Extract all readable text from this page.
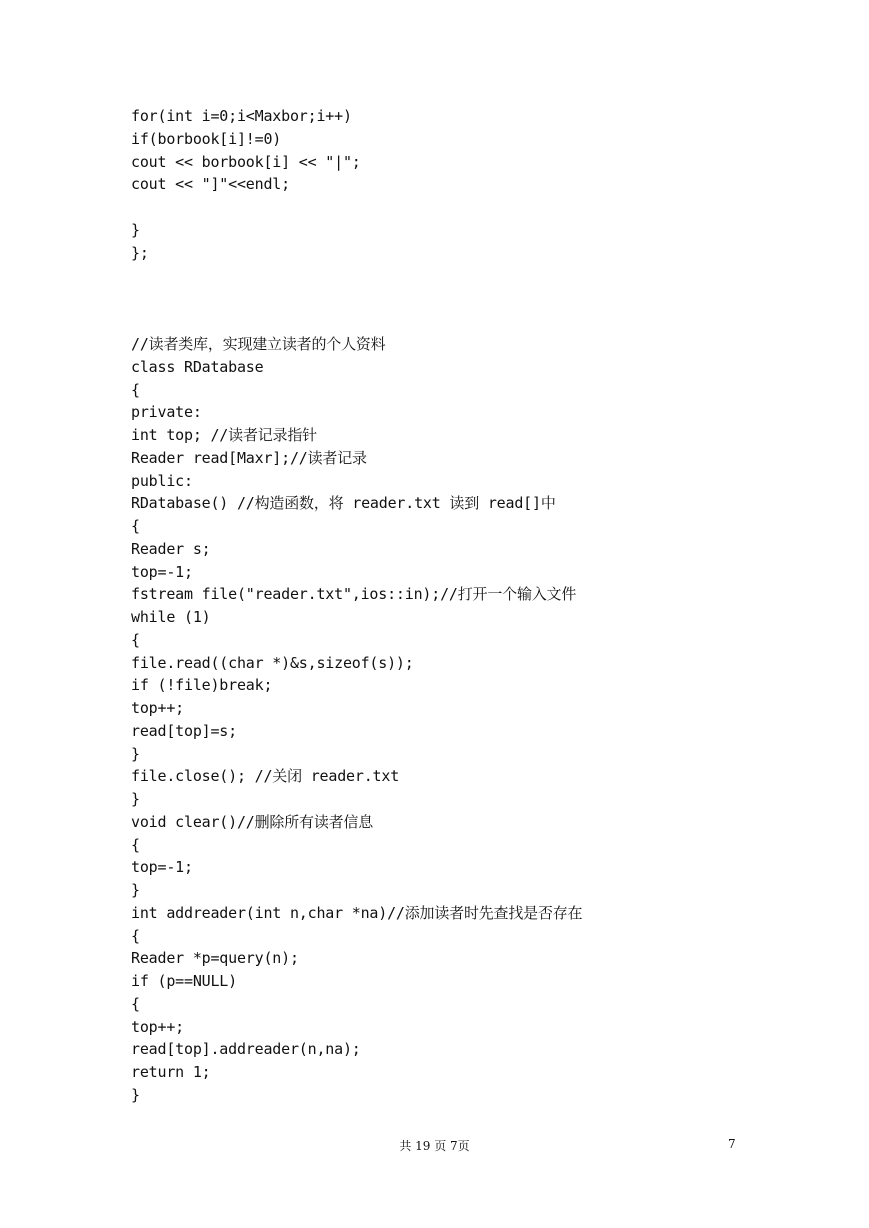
for(int i=0;i<Maxbor;i++)
if(borbook[i]!=0)
cout << borbook[i] << "|";
cout << "]"<<endl;
}
};
//读者类库，实现建立读者的个人资料
class RDatabase
{
private:
int top; //读者记录指针
Reader read[Maxr];//读者记录
public:
RDatabase() //构造函数，将 reader.txt 读到 read[]中
{
Reader s;
top=-1;
fstream file("reader.txt",ios::in);//打开一个输入文件
while (1)
{
file.read((char *)&s,sizeof(s));
if (!file)break;
top++;
read[top]=s;
}
file.close(); //关闭 reader.txt
}
void clear()//删除所有读者信息
{
top=-1;
}
int addreader(int n,char *na)//添加读者时先查找是否存在
{
Reader *p=query(n);
if (p==NULL)
{
top++;
read[top].addreader(n,na);
return 1;
}
共 19 页 7页	7
